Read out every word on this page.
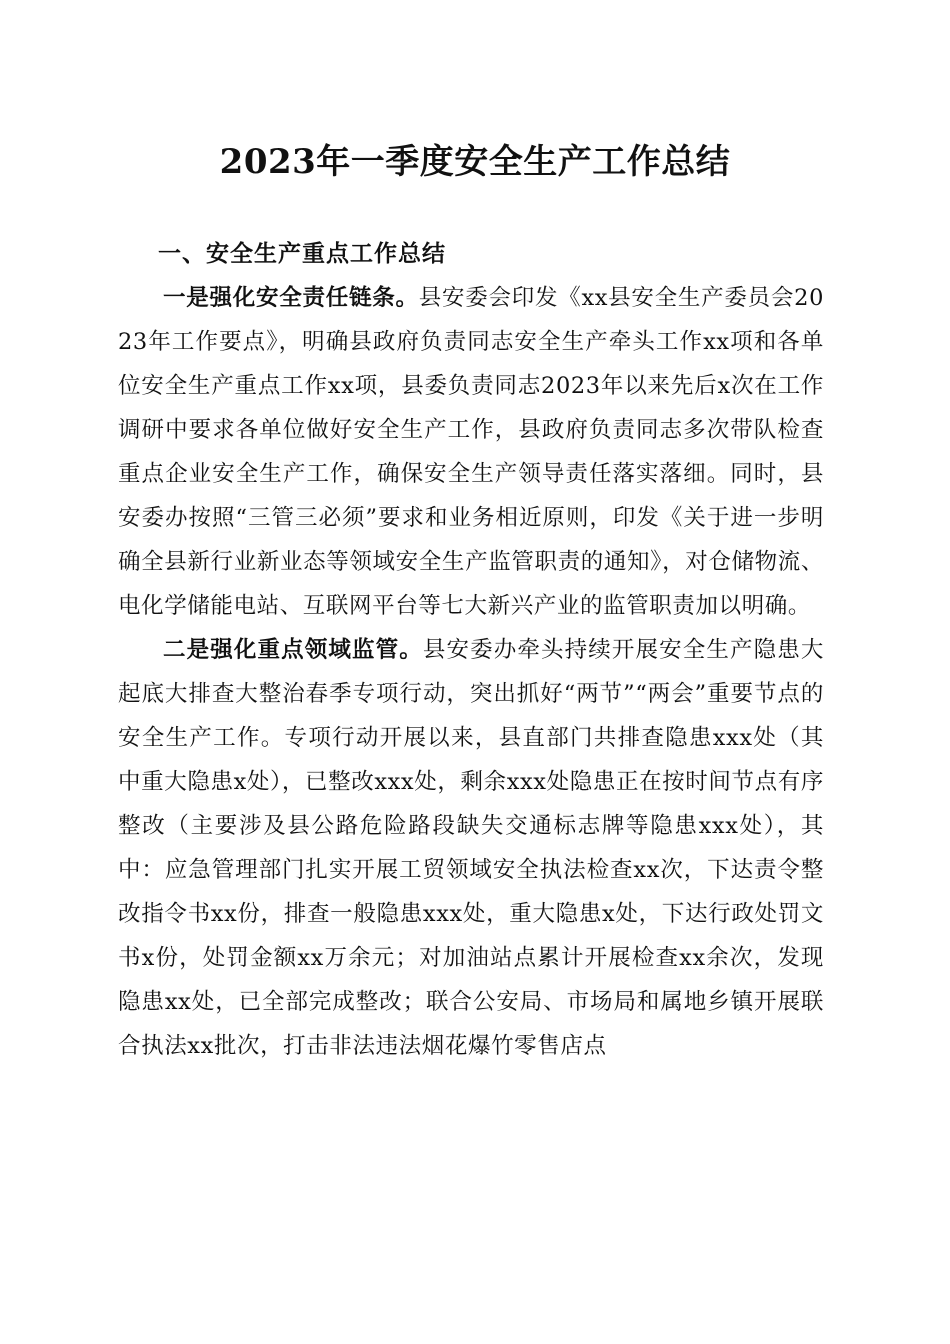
2023年一季度安全生产工作总结
一、安全生产重点工作总结

一是强化安全责任链条。县安委会印发《xx县安全生产委员会2023年工作要点》，明确县政府负责同志安全生产牵头工作xx项和各单位安全生产重点工作xx项，县委负责同志2023年以来先后x次在工作调研中要求各单位做好安全生产工作，县政府负责同志多次带队检查重点企业安全生产工作，确保安全生产领导责任落实落细。同时，县安委办按照“三管三必须”要求和业务相近原则，印发《关于进一步明确全县新行业新业态等领域安全生产监管职责的通知》，对仓储物流、电化学储能电站、互联网平台等七大新兴产业的监管职责加以明确。

二是强化重点领域监管。县安委办牵头持续开展安全生产隐患大起底大排查大整治春季专项行动，突出抓好“两节”“两会”重要节点的安全生产工作。专项行动开展以来，县直部门共排查隐患xxx处（其中重大隐患x处），已整改xxx处，剩余xxx处隐患正在按时间节点有序整改（主要涉及县公路危险路段缺失交通标志牌等隐患xxx处），其中：应急管理部门扎实开展工贸领域安全执法检查xx次，下达责令整改指令书xx份，排查一般隐患xxx处，重大隐患x处，下达行政处罚文书x份，处罚金额xx万余元；对加油站点累计开展检查xx余次，发现隐患xx处，已全部完成整改；联合公安局、市场局和属地乡镇开展联合执法xx批次，打击非法违法烟花爆竹零售店点
